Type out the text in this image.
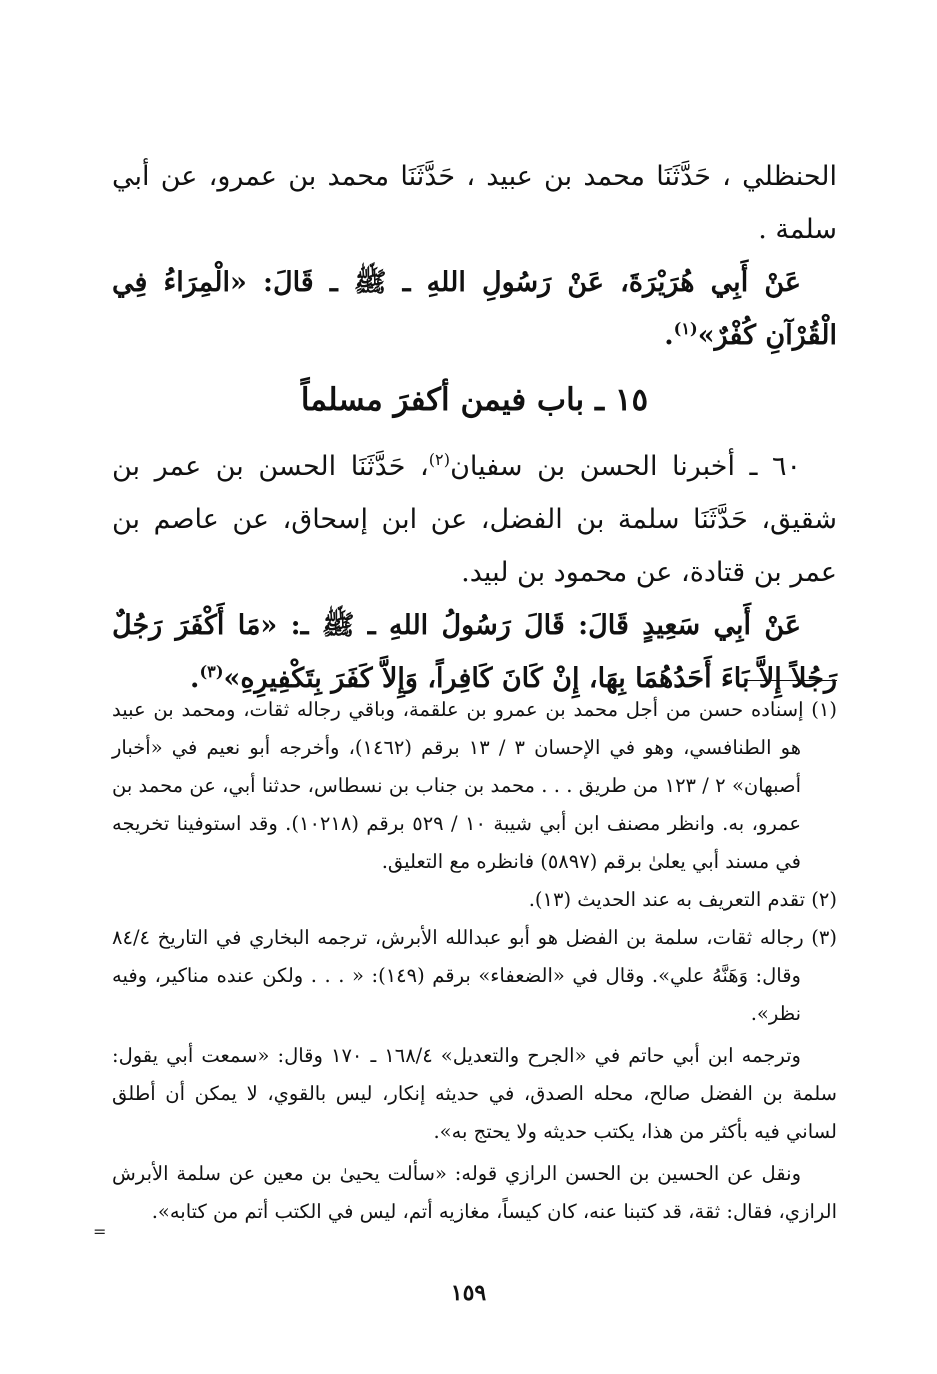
الحنظلي ، حَدَّثَنَا محمد بن عبيد ، حَدَّثَنَا محمد بن عمرو، عن أبي سلمة .

عَنْ أَبِي هُرَيْرَةَ، عَنْ رَسُولِ اللهِ ـ ﷺ ـ قَالَ: «الْمِرَاءُ فِي الْقُرْآنِ كُفْرٌ»$^{(١)}$.

١٥ ـ باب فيمن أكفرَ مسلماً

٦٠ ـ أخبرنا الحسن بن سفيان$^{(٢)}$، حَدَّثَنَا الحسن بن عمر بن شقيق، حَدَّثَنَا سلمة بن الفضل، عن ابن إسحاق، عن عاصم بن عمر بن قتادة، عن محمود بن لبيد.

عَنْ أَبِي سَعِيدٍ قَالَ: قَالَ رَسُولُ اللهِ ـ ﷺ ـ: «مَا أَكْفَرَ رَجُلٌ رَجُلاً إِلاَّ بَاءَ أَحَدُهُمَا بِهَا، إِنْ كَانَ كَافِراً، وَإِلاَّ كَفَرَ بِتَكْفِيرِهِ»$^{(٣)}$.

(١) إسناده حسن من أجل محمد بن عمرو بن علقمة، وباقي رجاله ثقات، ومحمد بن عبيد هو الطنافسي، وهو في الإحسان ٣ / ١٣ برقم (١٤٦٢)، وأخرجه أبو نعيم في «أخبار أصبهان» ٢ / ١٢٣ من طريق . . . محمد بن جناب بن نسطاس، حدثنا أبي، عن محمد بن عمرو، به. وانظر مصنف ابن أبي شيبة ١٠ / ٥٢٩ برقم (١٠٢١٨). وقد استوفينا تخريجه في مسند أبي يعلىٰ برقم (٥٨٩٧) فانظره مع التعليق.

(٢) تقدم التعريف به عند الحديث (١٣).

(٣) رجاله ثقات، سلمة بن الفضل هو أبو عبدالله الأبرش، ترجمه البخاري في التاريخ ٨٤/٤ وقال: وَهَنَّهُ علي». وقال في «الضعفاء» برقم (١٤٩): « . . . ولكن عنده مناكير، وفيه نظر».

وترجمه ابن أبي حاتم في «الجرح والتعديل» ١٦٨/٤ ـ ١٧٠ وقال: «سمعت أبي يقول: سلمة بن الفضل صالح، محله الصدق، في حديثه إنكار، ليس بالقوي، لا يمكن أن أطلق لساني فيه بأكثر من هذا، يكتب حديثه ولا يحتج به».

ونقل عن الحسين بن الحسن الرازي قوله: «سألت يحيىٰ بن معين عن سلمة الأبرش الرازي، فقال: ثقة، قد كتبنا عنه، كان كيساً، مغازيه أتم، ليس في الكتب أتم من كتابه».

=
١٥٩
